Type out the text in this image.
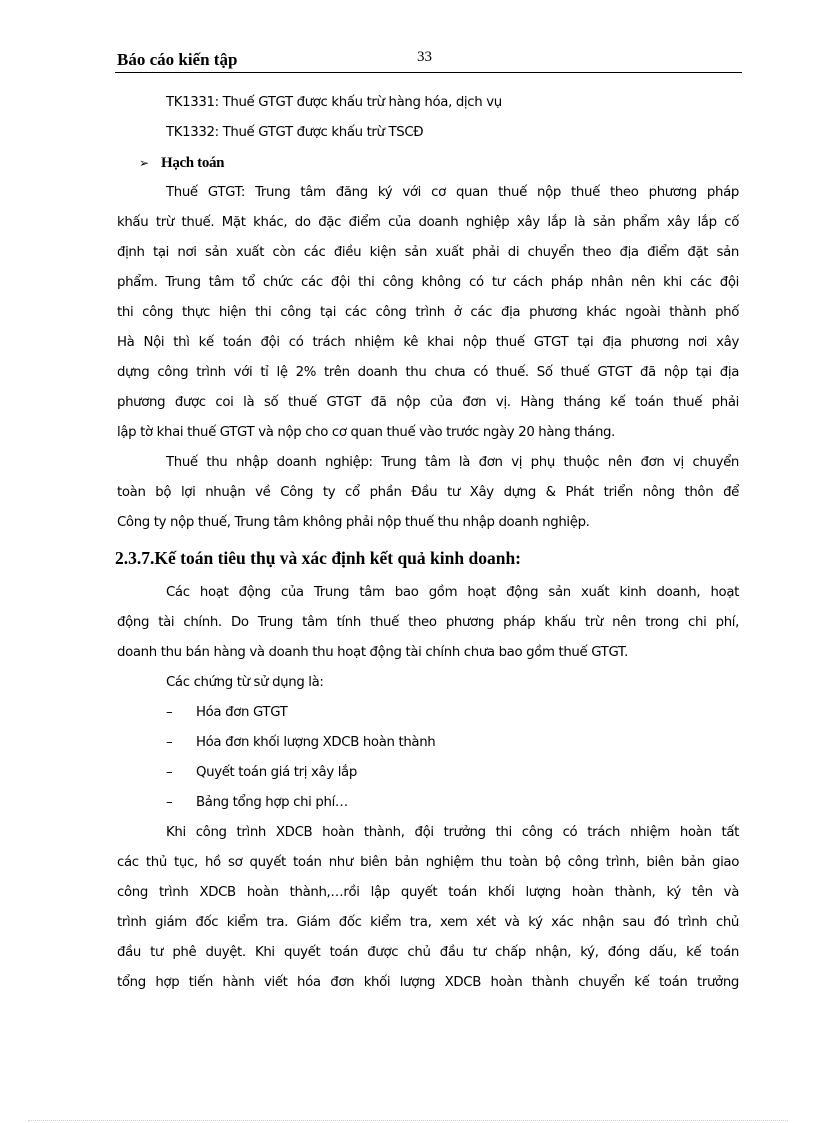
Báo cáo kiến tập	33
TK1331: Thuế GTGT được khấu trừ hàng hóa, dịch vụ
TK1332: Thuế GTGT được khấu trừ TSCĐ
➢ Hạch toán
Thuế GTGT: Trung tâm đăng ký với cơ quan thuế nộp thuế theo phương pháp
khấu trừ thuế. Mặt khác, do đặc điểm của doanh nghiệp xây lắp là sản phẩm xây lắp cố
định tại nơi sản xuất còn các điều kiện sản xuất phải di chuyển theo địa điểm đặt sản
phẩm. Trung tâm tổ chức các đội thi công không có tư cách pháp nhân nên khi các đội
thi công thực hiện thi công tại các công trình ở các địa phương khác ngoài thành phố
Hà Nội thì kế toán đội có trách nhiệm kê khai nộp thuế GTGT tại địa phương nơi xây
dựng công trình với tỉ lệ 2% trên doanh thu chưa có thuế. Số thuế GTGT đã nộp tại địa
phương được coi là số thuế GTGT đã nộp của đơn vị. Hàng tháng kế toán thuế phải
lập tờ khai thuế GTGT và nộp cho cơ quan thuế vào trước ngày 20 hàng tháng.
Thuế thu nhập doanh nghiệp: Trung tâm là đơn vị phụ thuộc nên đơn vị chuyển
toàn bộ lợi nhuận về Công ty cổ phần Đầu tư Xây dựng & Phát triển nông thôn để
Công ty nộp thuế, Trung tâm không phải nộp thuế thu nhập doanh nghiệp.
2.3.7.Kế toán tiêu thụ và xác định kết quả kinh doanh:
Các hoạt động của Trung tâm bao gồm hoạt động sản xuất kinh doanh, hoạt
động tài chính. Do Trung tâm tính thuế theo phương pháp khấu trừ nên trong chi phí,
doanh thu bán hàng và doanh thu hoạt động tài chính chưa bao gồm thuế GTGT.
Các chứng từ sử dụng là:
– Hóa đơn GTGT
– Hóa đơn khối lượng XDCB hoàn thành
– Quyết toán giá trị xây lắp
– Bảng tổng hợp chi phí…
Khi công trình XDCB hoàn thành, đội trưởng thi công có trách nhiệm hoàn tất
các thủ tục, hồ sơ quyết toán như biên bản nghiệm thu toàn bộ công trình, biên bản giao
công trình XDCB hoàn thành,…rồi lập quyết toán khối lượng hoàn thành, ký tên và
trình giám đốc kiểm tra. Giám đốc kiểm tra, xem xét và ký xác nhận sau đó trình chủ
đầu tư phê duyệt. Khi quyết toán được chủ đầu tư chấp nhận, ký, đóng dấu, kế toán
tổng hợp tiến hành viết hóa đơn khối lượng XDCB hoàn thành chuyển kế toán trưởng
